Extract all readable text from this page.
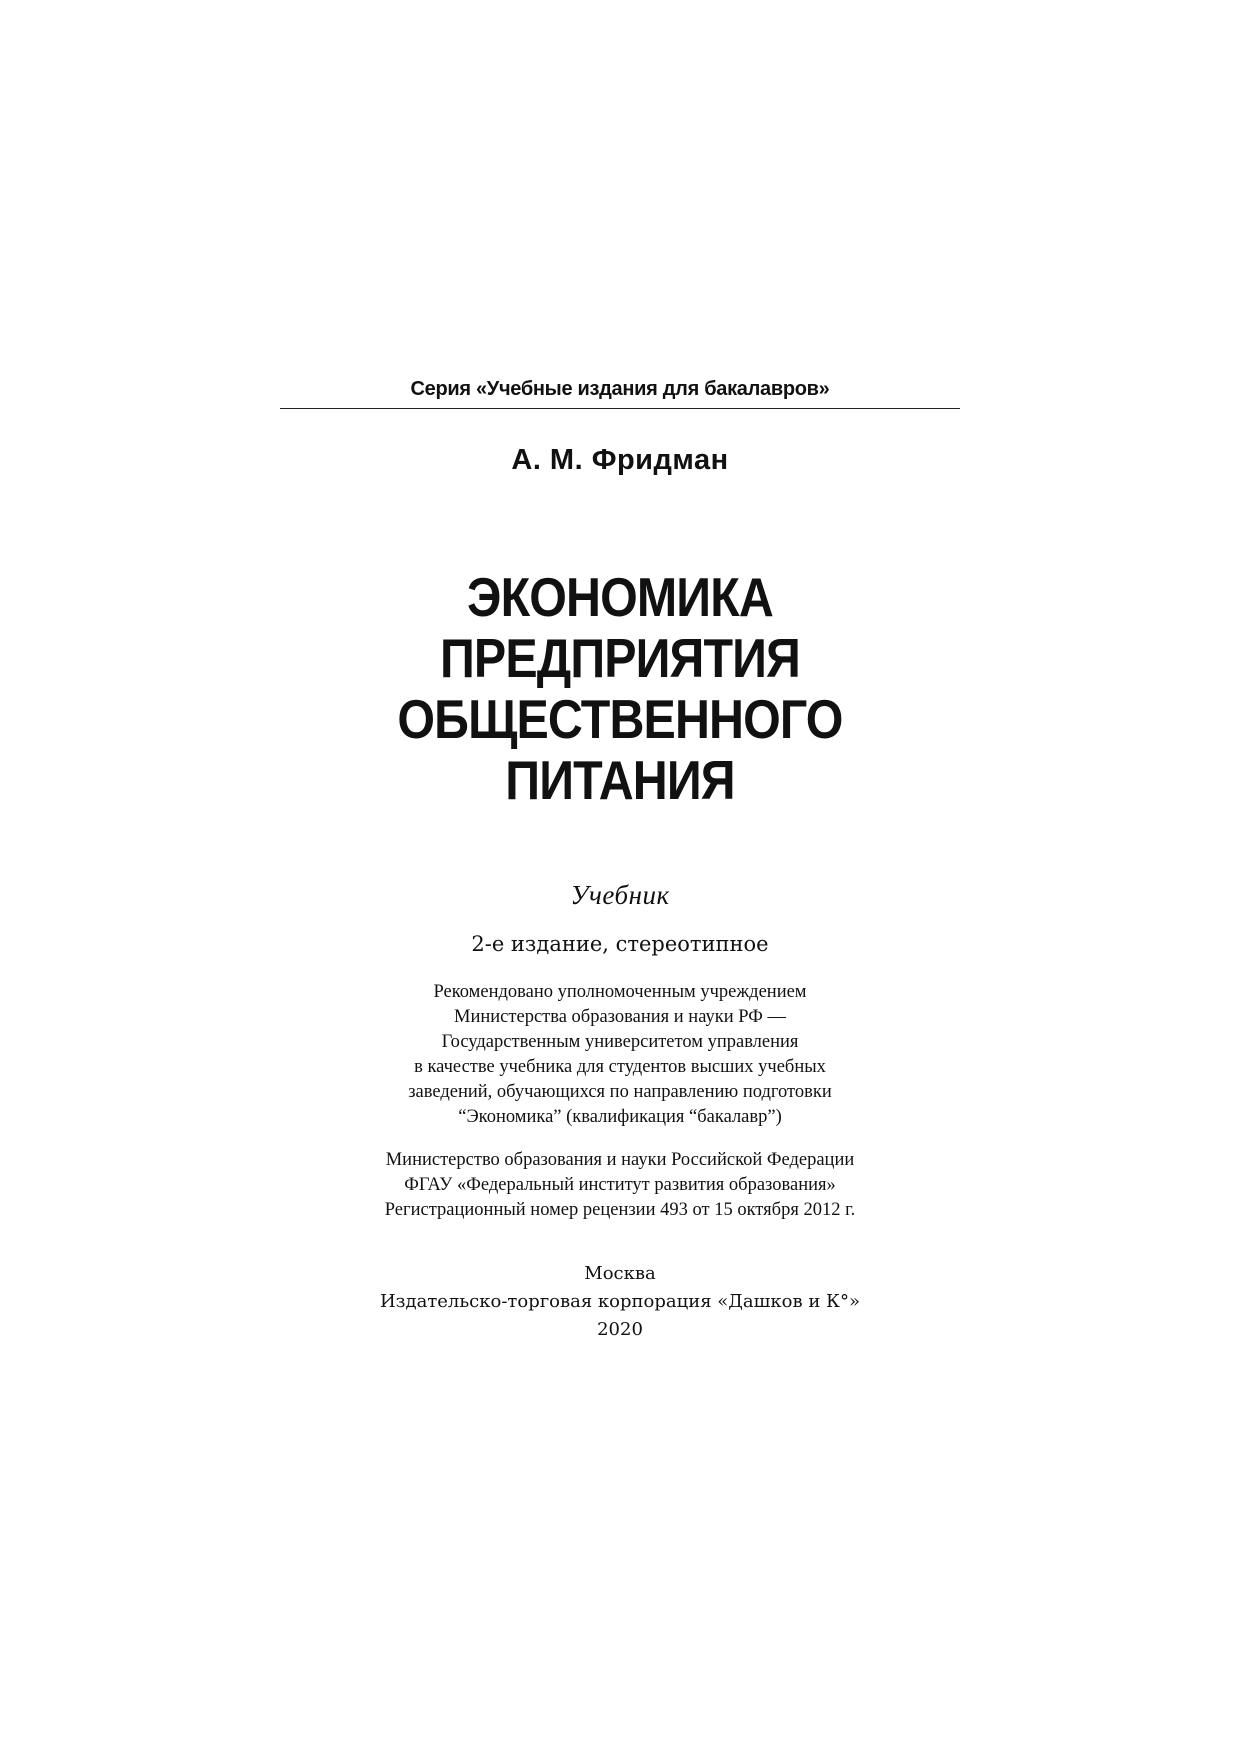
Серия «Учебные издания для бакалавров»
А. М. Фридман
ЭКОНОМИКА
ПРЕДПРИЯТИЯ
ОБЩЕСТВЕННОГО
ПИТАНИЯ
Учебник
2-е издание, стереотипное
Рекомендовано уполномоченным учреждением
Министерства образования и науки РФ —
Государственным университетом управления
в качестве учебника для студентов высших учебных
заведений, обучающихся по направлению подготовки
“Экономика” (квалификация “бакалавр”)
Министерство образования и науки Российской Федерации
ФГАУ «Федеральный институт развития образования»
Регистрационный номер рецензии 493 от 15 октября 2012 г.
Москва
Издательско-торговая корпорация «Дашков и К°»
2020
